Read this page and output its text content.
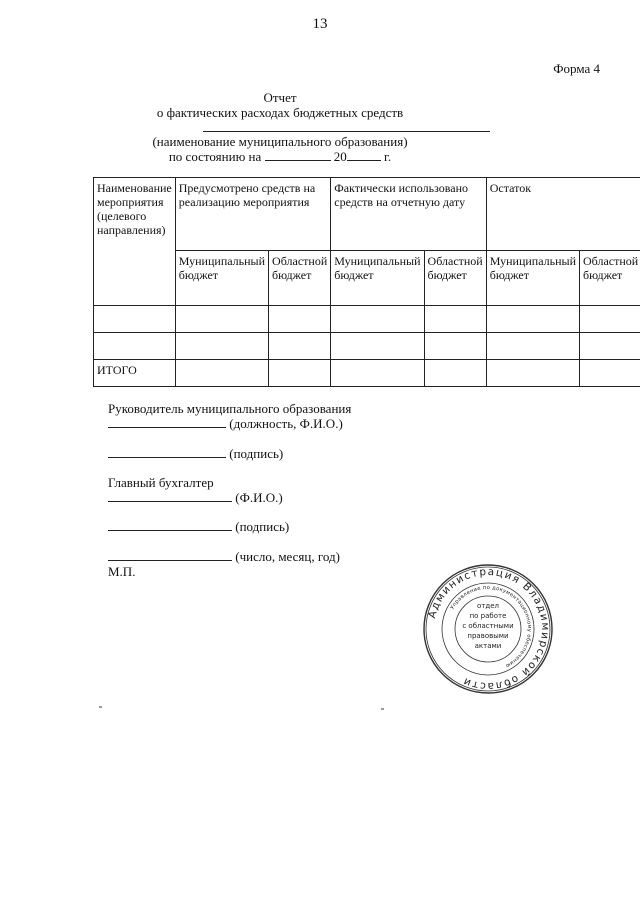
13
Форма 4
Отчет
о фактических расходах бюджетных средств
(наименование муниципального образования)
по состоянию на	20	г.
Наименование мероприятия (целевого направления)	Предусмотрено средств на реализацию мероприятия		Фактически использовано средств на отчетную дату		Остаток	
	Муниципальный бюджет	Областной бюджет	Муниципальный бюджет	Областной бюджет	Муниципальный бюджет	Областной бюджет

ИТОГО						
Руководитель муниципального образования
(должность, Ф.И.О.)
(подпись)
Главный бухгалтер
(Ф.И.О.)
(подпись)
(число, месяц, год)
М.П.
Администрация Владимирской области
Управление по документационному обеспечению
отдел
по работе
с областными
правовыми
актами
